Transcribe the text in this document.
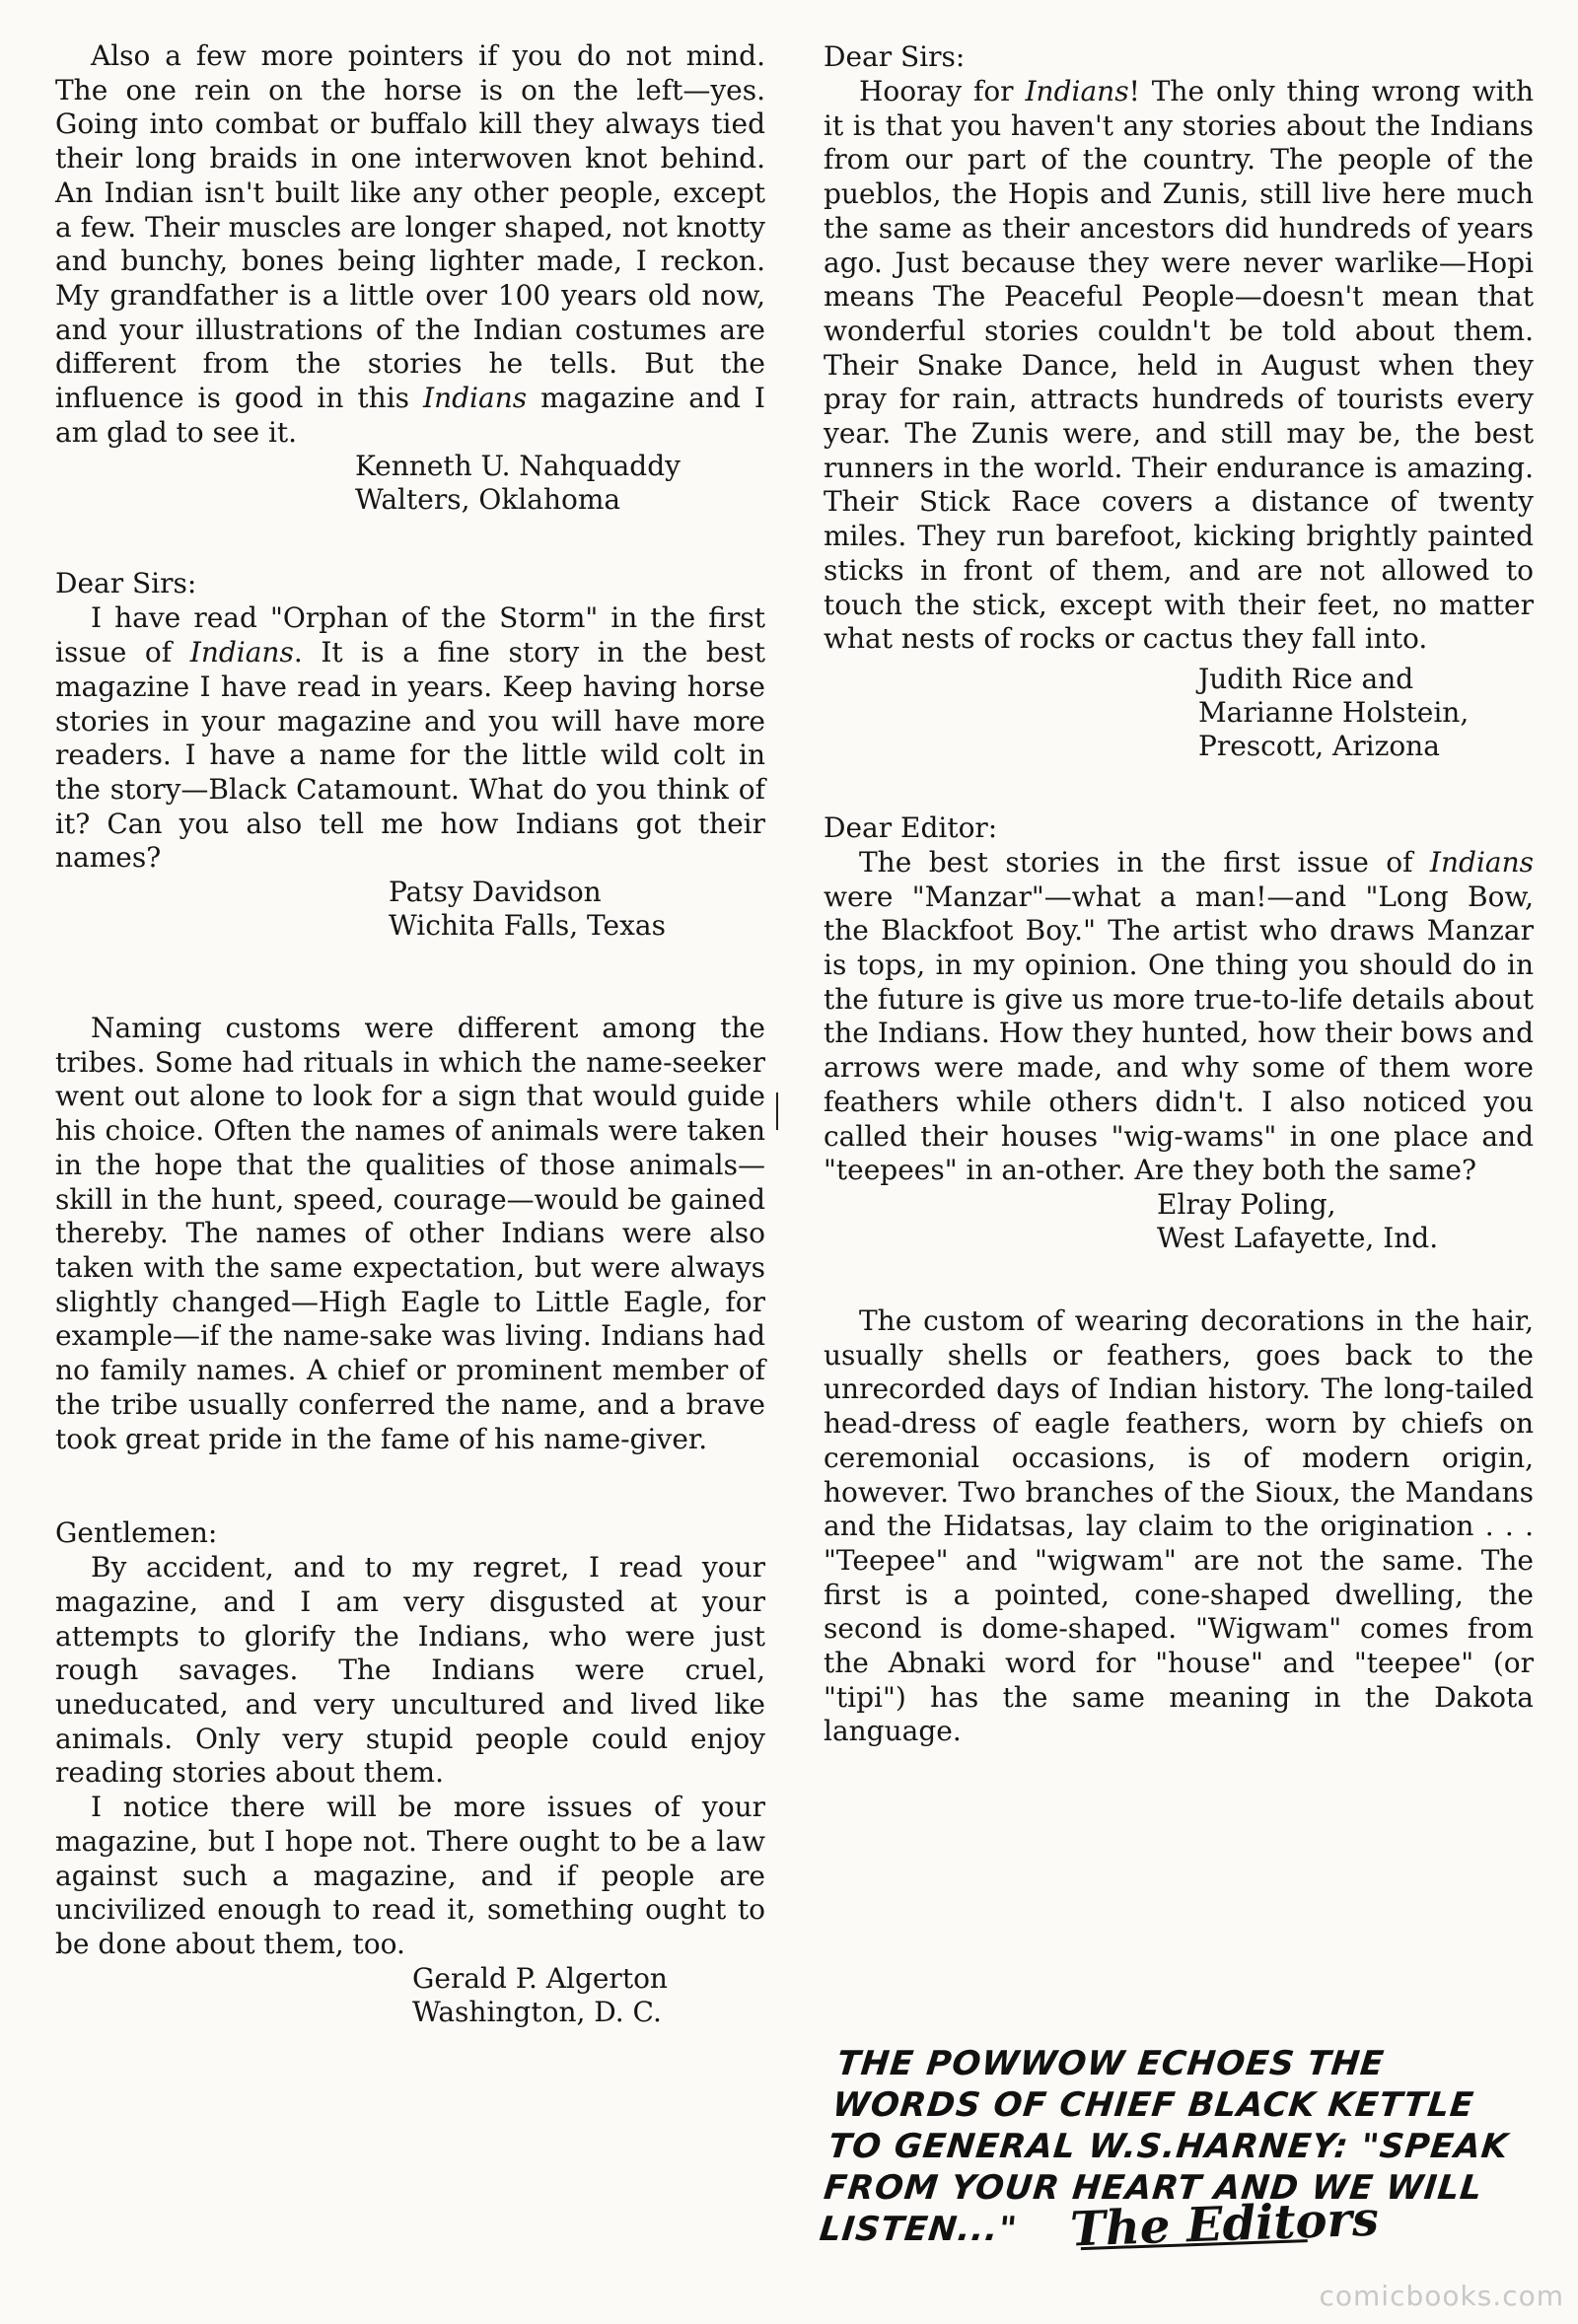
Also a few more pointers if you do not mind. The one rein on the horse is on the left—yes. Going into combat or buffalo kill they always tied their long braids in one interwoven knot behind. An Indian isn't built like any other people, except a few. Their muscles are longer shaped, not knotty and bunchy, bones being lighter made, I reckon. My grandfather is a little over 100 years old now, and your illustrations of the Indian costumes are different from the stories he tells. But the influence is good in this Indians magazine and I am glad to see it.

Kenneth U. Nahquaddy
Walters, Oklahoma

Dear Sirs:

I have read "Orphan of the Storm" in the first issue of Indians. It is a fine story in the best magazine I have read in years. Keep having horse stories in your magazine and you will have more readers. I have a name for the little wild colt in the story—Black Catamount. What do you think of it? Can you also tell me how Indians got their names?

Patsy Davidson
Wichita Falls, Texas

Naming customs were different among the tribes. Some had rituals in which the name-seeker went out alone to look for a sign that would guide his choice. Often the names of animals were taken in the hope that the qualities of those animals—skill in the hunt, speed, courage—would be gained thereby. The names of other Indians were also taken with the same expectation, but were always slightly changed—High Eagle to Little Eagle, for example—if the name-sake was living. Indians had no family names. A chief or prominent member of the tribe usually conferred the name, and a brave took great pride in the fame of his name-giver.

Gentlemen:

By accident, and to my regret, I read your magazine, and I am very disgusted at your attempts to glorify the Indians, who were just rough savages. The Indians were cruel, uneducated, and very uncultured and lived like animals. Only very stupid people could enjoy reading stories about them.

I notice there will be more issues of your magazine, but I hope not. There ought to be a law against such a magazine, and if people are uncivilized enough to read it, something ought to be done about them, too.

Gerald P. Algerton
Washington, D. C.

Dear Sirs:

Hooray for Indians! The only thing wrong with it is that you haven't any stories about the Indians from our part of the country. The people of the pueblos, the Hopis and Zunis, still live here much the same as their ancestors did hundreds of years ago. Just because they were never warlike—Hopi means The Peaceful People—doesn't mean that wonderful stories couldn't be told about them. Their Snake Dance, held in August when they pray for rain, attracts hundreds of tourists every year. The Zunis were, and still may be, the best runners in the world. Their endurance is amazing. Their Stick Race covers a distance of twenty miles. They run barefoot, kicking brightly painted sticks in front of them, and are not allowed to touch the stick, except with their feet, no matter what nests of rocks or cactus they fall into.

Judith Rice and
Marianne Holstein,
Prescott, Arizona

Dear Editor:

The best stories in the first issue of Indians were "Manzar"—what a man!—and "Long Bow, the Blackfoot Boy." The artist who draws Manzar is tops, in my opinion. One thing you should do in the future is give us more true-to-life details about the Indians. How they hunted, how their bows and arrows were made, and why some of them wore feathers while others didn't. I also noticed you called their houses "wig-wams" in one place and "teepees" in an-other. Are they both the same?

Elray Poling,
West Lafayette, Ind.

The custom of wearing decorations in the hair, usually shells or feathers, goes back to the unrecorded days of Indian history. The long-tailed head-dress of eagle feathers, worn by chiefs on ceremonial occasions, is of modern origin, however. Two branches of the Sioux, the Mandans and the Hidatsas, lay claim to the origination . . . "Teepee" and "wigwam" are not the same. The first is a pointed, cone-shaped dwelling, the second is dome-shaped. "Wigwam" comes from the Abnaki word for "house" and "teepee" (or "tipi") has the same meaning in the Dakota language.

THE POWWOW ECHOES THE WORDS OF CHIEF BLACK KETTLE TO GENERAL W.S.HARNEY: "SPEAK FROM YOUR HEART AND WE WILL LISTEN..."	The Editors
comicbooks.com
